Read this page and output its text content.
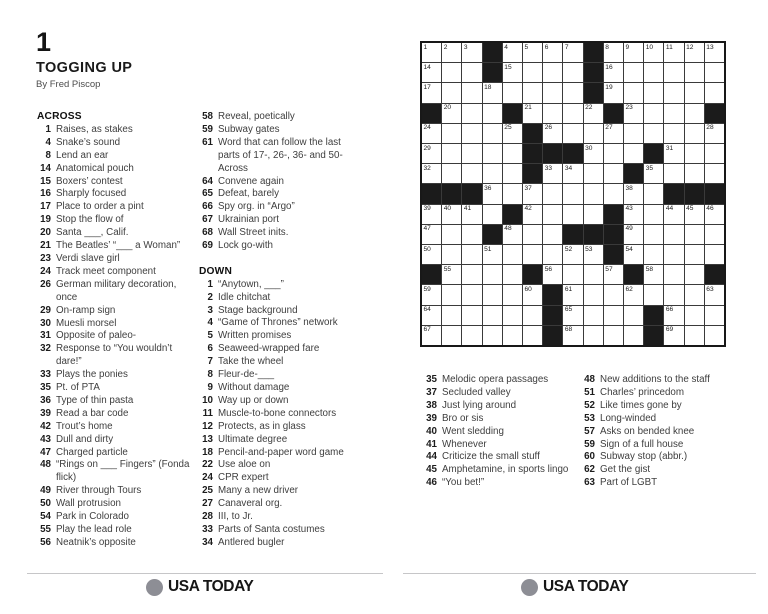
1
TOGGING UP
By Fred Piscop
ACROSS
1 Raises, as stakes
4 Snake’s sound
8 Lend an ear
14 Anatomical pouch
15 Boxers’ contest
16 Sharply focused
17 Place to order a pint
19 Stop the flow of
20 Santa ___, Calif.
21 The Beatles’ “___ a Woman”
23 Verdi slave girl
24 Track meet component
26 German military decoration, once
29 On-ramp sign
30 Muesli morsel
31 Opposite of paleo-
32 Response to “You wouldn’t dare!”
33 Plays the ponies
35 Pt. of PTA
36 Type of thin pasta
39 Read a bar code
42 Trout’s home
43 Dull and dirty
47 Charged particle
48 “Rings on ___ Fingers” (Fonda flick)
49 River through Tours
50 Wall protrusion
54 Park in Colorado
55 Play the lead role
56 Neatnik’s opposite
58 Reveal, poetically
59 Subway gates
61 Word that can follow the last parts of 17-, 26-, 36- and 50-Across
64 Convene again
65 Defeat, barely
66 Spy org. in “Argo”
67 Ukrainian port
68 Wall Street inits.
69 Lock go-with
DOWN
1 “Anytown, ___”
2 Idle chitchat
3 Stage background
4 “Game of Thrones” network
5 Written promises
6 Seaweed-wrapped fare
7 Take the wheel
8 Fleur-de-___
9 Without damage
10 Way up or down
11 Muscle-to-bone connectors
12 Protects, as in glass
13 Ultimate degree
18 Pencil-and-paper word game
22 Use aloe on
24 CPR expert
25 Many a new driver
27 Canaveral org.
28 III, to Jr.
33 Parts of Santa costumes
34 Antlered bugler
35 Melodic opera passages
37 Secluded valley
38 Just lying around
39 Bro or sis
40 Went sledding
41 Whenever
44 Criticize the small stuff
45 Amphetamine, in sports lingo
46 “You bet!”
48 New additions to the staff
51 Charles’ princedom
52 Like times gone by
53 Long-winded
57 Asks on bended knee
59 Sign of a full house
60 Subway stop (abbr.)
62 Get the gist
63 Part of LGBT
1	2	3	4	5	6	7	8	9	10 11 12 13
14	15	16
17	18	19
20	21	22	23
24	25	26	27	28
29	30	31
32	33 34	35
36	37	38
39 40 41	42	43	44 45 46
47	48	49
50	51	52 53	54
55	56	57	58
59	60	61	62	63
64	65	66
67	68	69
USA TODAY	USA TODAY
